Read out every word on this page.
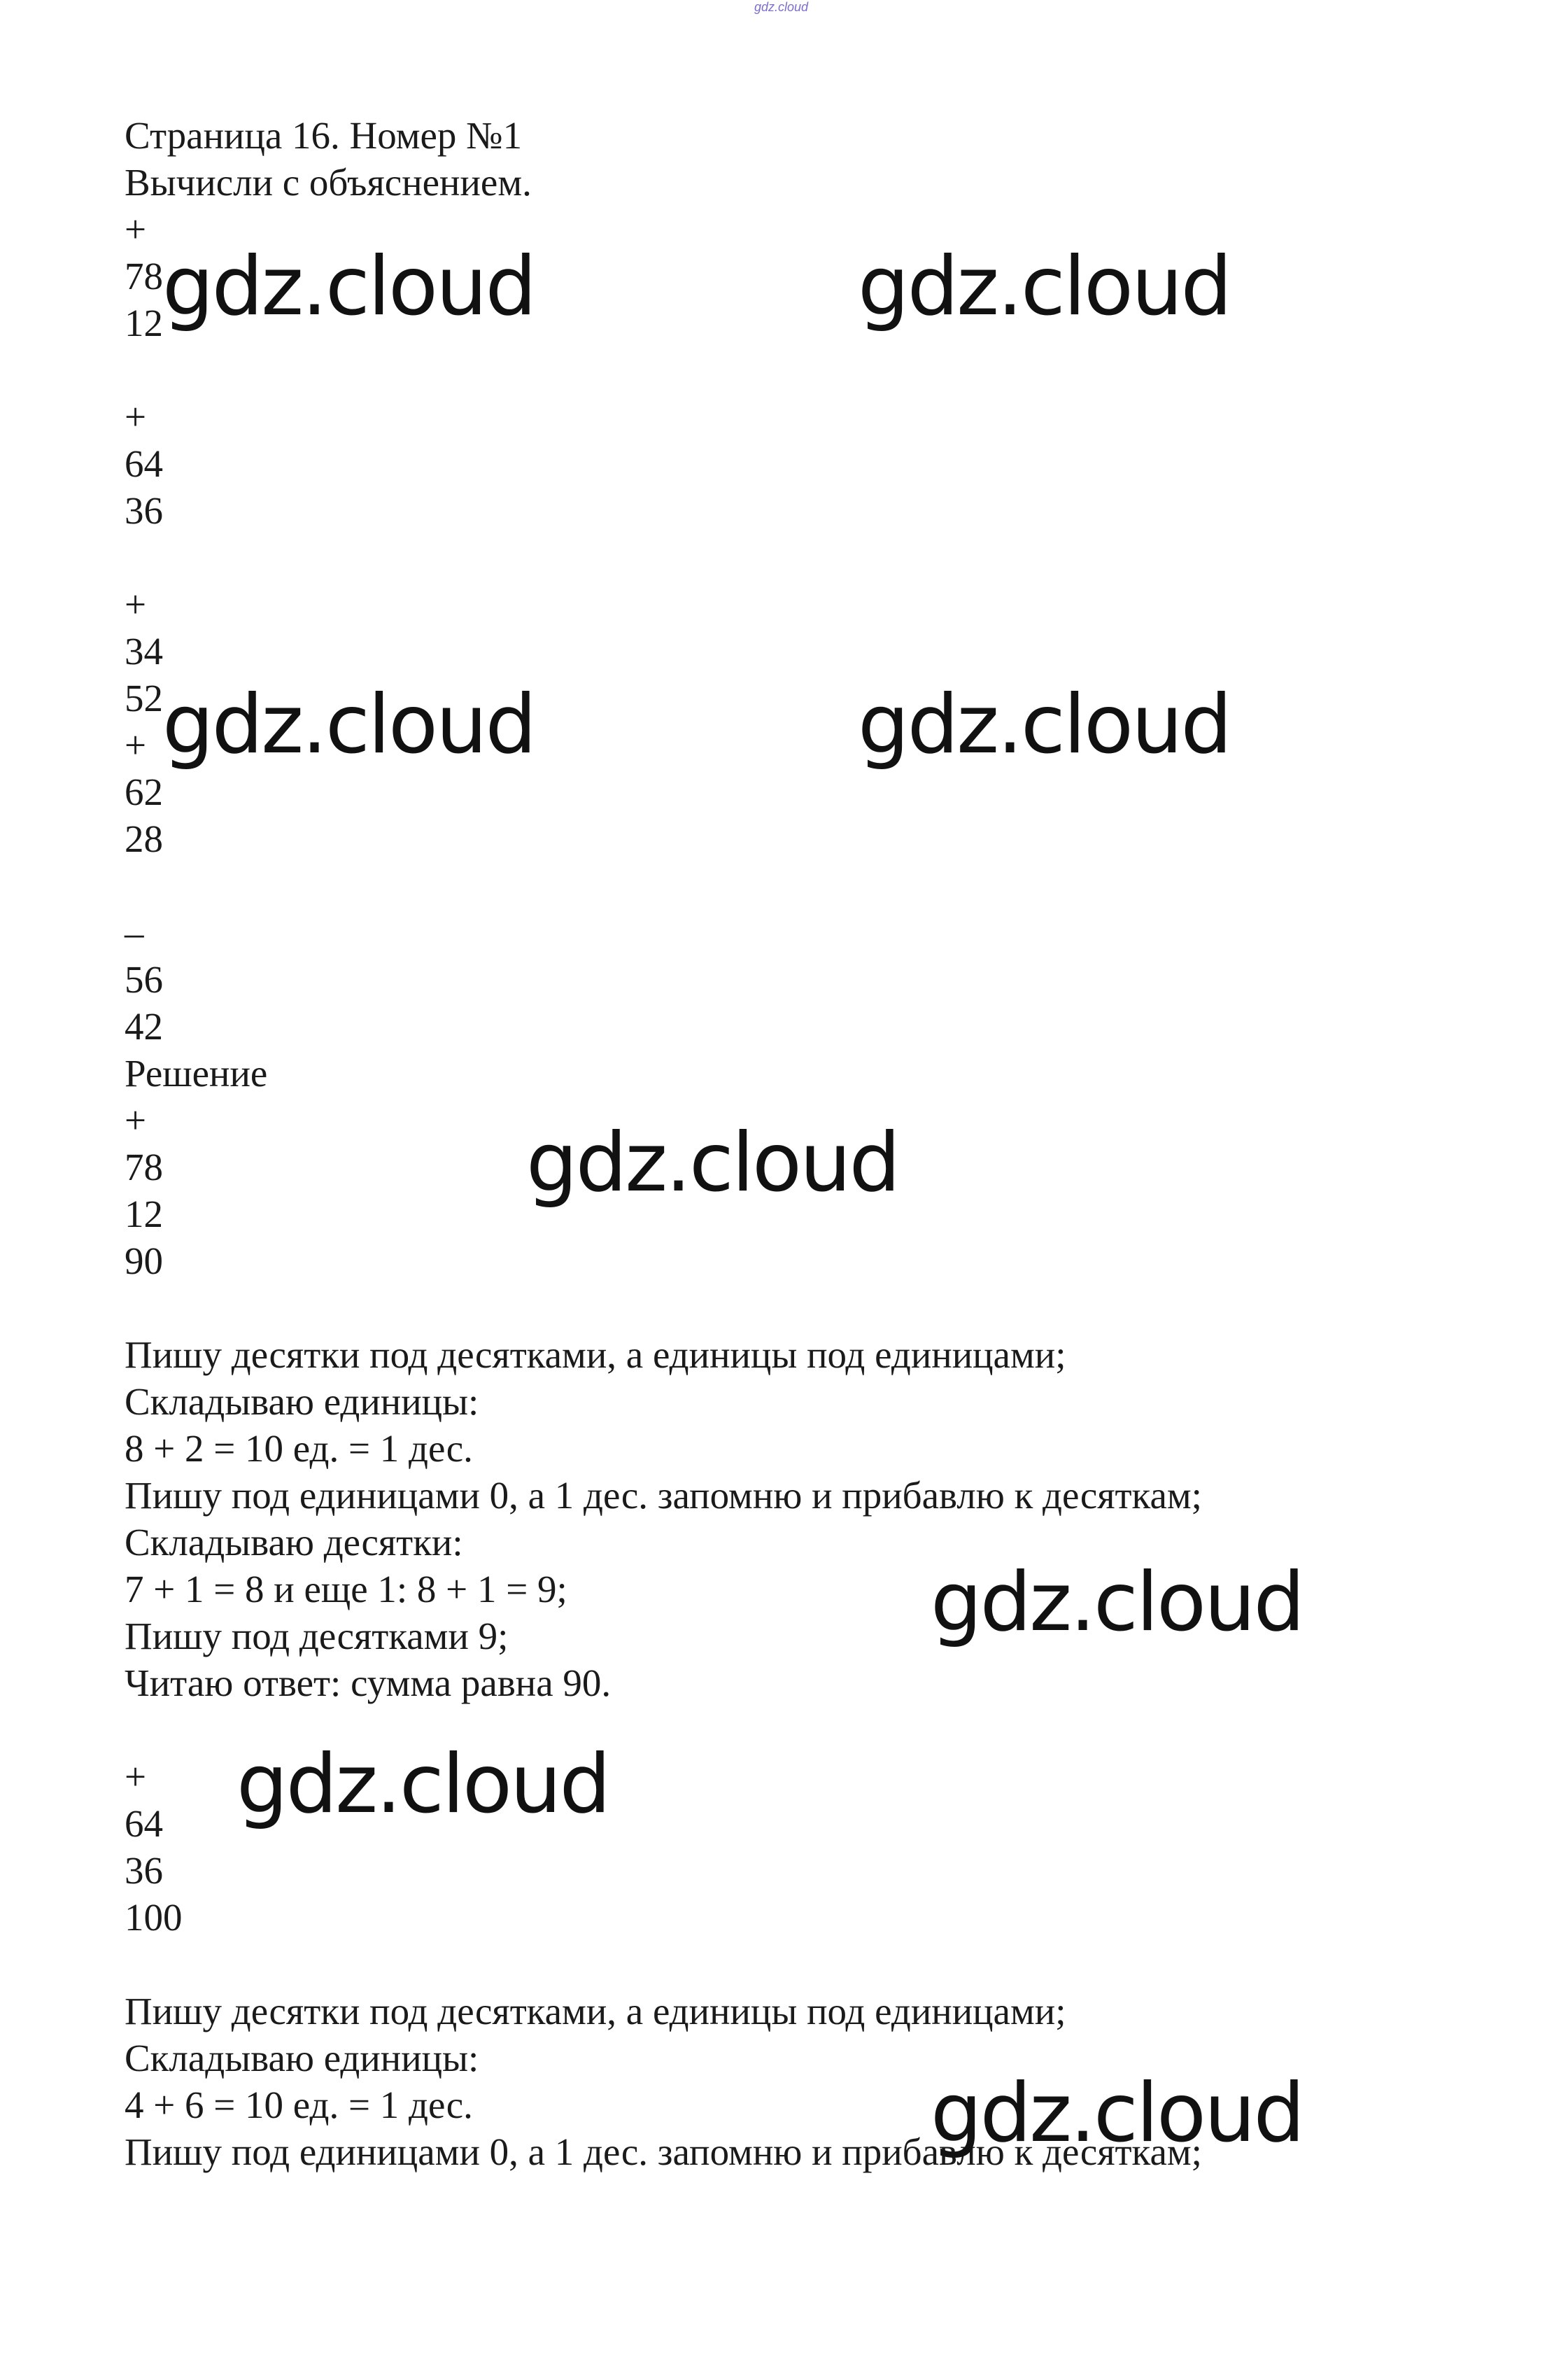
gdz.cloud
Страница 16. Номер №1
Вычисли с объяснением.
+
78
12
+
64
36
+
34
52
+
62
28
–
56
42
Решение
+
78
12
90
Пишу десятки под десятками, а единицы под единицами;
Складываю единицы:
8 + 2 = 10 ед. = 1 дес.
Пишу под единицами 0, а 1 дес. запомню и прибавлю к десяткам;
Складываю десятки:
7 + 1 = 8 и еще 1: 8 + 1 = 9;
Пишу под десятками 9;
Читаю ответ: сумма равна 90.
+
64
36
100
Пишу десятки под десятками, а единицы под единицами;
Складываю единицы:
4 + 6 = 10 ед. = 1 дес.
Пишу под единицами 0, а 1 дес. запомню и прибавлю к десяткам;
gdz.cloud	gdz.cloud
gdz.cloud	gdz.cloud
gdz.cloud
gdz.cloud
gdz.cloud
gdz.cloud
